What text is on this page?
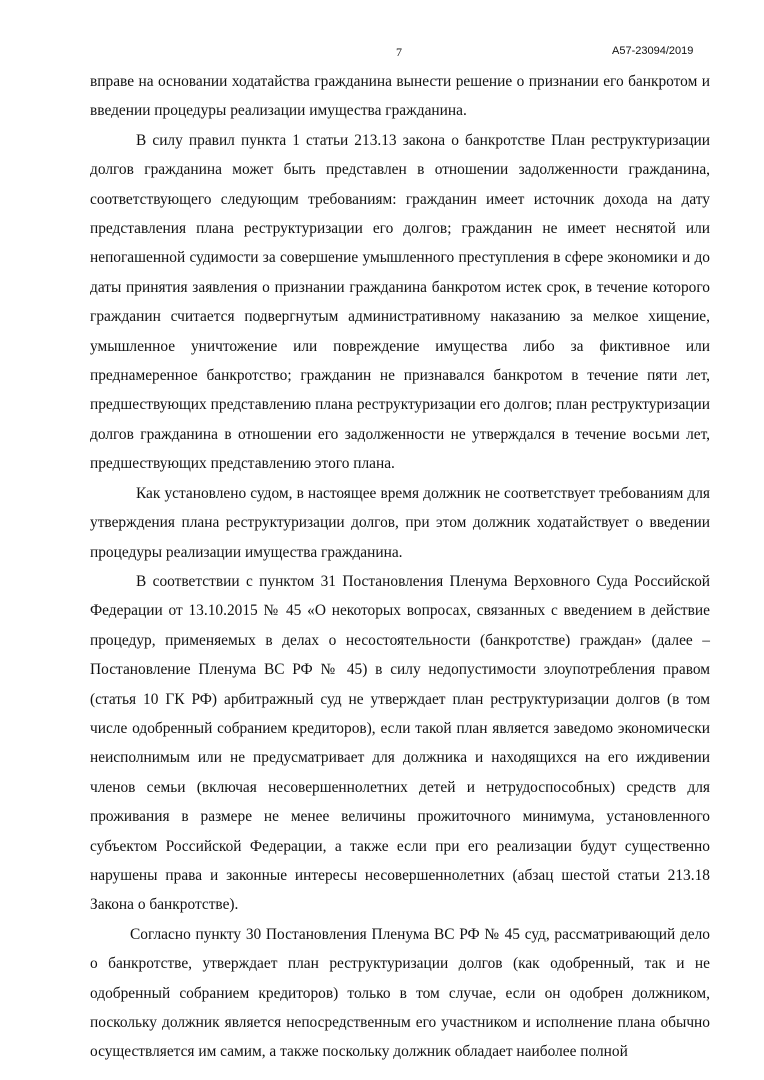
7	А57-23094/2019

вправе на основании ходатайства гражданина вынести решение о признании его банкротом и введении процедуры реализации имущества гражданина.

В силу правил пункта 1 статьи 213.13 закона о банкротстве План реструктуризации долгов гражданина может быть представлен в отношении задолженности гражданина, соответствующего следующим требованиям: гражданин имеет источник дохода на дату представления плана реструктуризации его долгов; гражданин не имеет неснятой или непогашенной судимости за совершение умышленного преступления в сфере экономики и до даты принятия заявления о признании гражданина банкротом истек срок, в течение которого гражданин считается подвергнутым административному наказанию за мелкое хищение, умышленное уничтожение или повреждение имущества либо за фиктивное или преднамеренное банкротство; гражданин не признавался банкротом в течение пяти лет, предшествующих представлению плана реструктуризации его долгов; план реструктуризации долгов гражданина в отношении его задолженности не утверждался в течение восьми лет, предшествующих представлению этого плана.

Как установлено судом, в настоящее время должник не соответствует требованиям для утверждения плана реструктуризации долгов, при этом должник ходатайствует о введении процедуры реализации имущества гражданина.

В соответствии с пунктом 31 Постановления Пленума Верховного Суда Российской Федерации от 13.10.2015 № 45 «О некоторых вопросах, связанных с введением в действие процедур, применяемых в делах о несостоятельности (банкротстве) граждан» (далее – Постановление Пленума ВС РФ № 45) в силу недопустимости злоупотребления правом (статья 10 ГК РФ) арбитражный суд не утверждает план реструктуризации долгов (в том числе одобренный собранием кредиторов), если такой план является заведомо экономически неисполнимым или не предусматривает для должника и находящихся на его иждивении членов семьи (включая несовершеннолетних детей и нетрудоспособных) средств для проживания в размере не менее величины прожиточного минимума, установленного субъектом Российской Федерации, а также если при его реализации будут существенно нарушены права и законные интересы несовершеннолетних (абзац шестой статьи 213.18 Закона о банкротстве).

Согласно пункту 30 Постановления Пленума ВС РФ № 45 суд, рассматривающий дело о банкротстве, утверждает план реструктуризации долгов (как одобренный, так и не одобренный собранием кредиторов) только в том случае, если он одобрен должником, поскольку должник является непосредственным его участником и исполнение плана обычно осуществляется им самим, а также поскольку должник обладает наиболее полной
